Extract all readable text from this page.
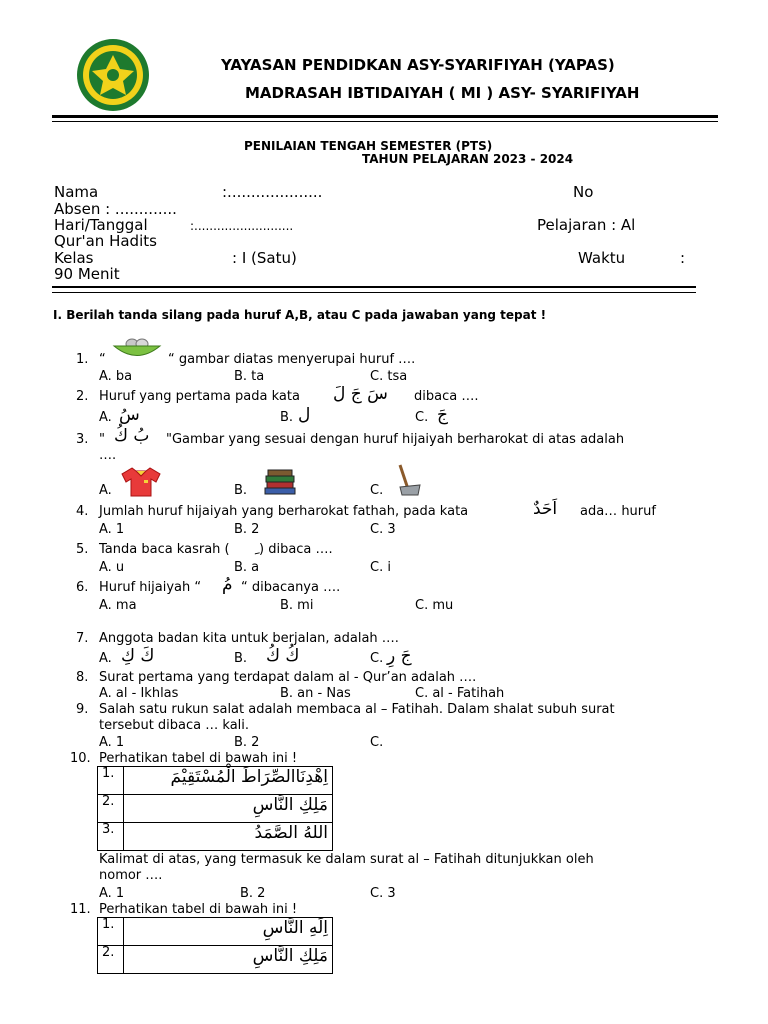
YAYASAN PENDIDKAN ASY-SYARIFIYAH (YAPAS)
MADRASAH IBTIDAIYAH ( MI ) ASY- SYARIFIYAH
PENILAIAN TENGAH SEMESTER (PTS)
TAHUN PELAJARAN 2023 - 2024
Nama	:....................	No
Absen : .............
Hari/Tanggal	:..........................	Pelajaran : Al
Qur'an Hadits
Kelas	: I (Satu)	Waktu	:
90 Menit
I. Berilah tanda silang pada huruf A,B, atau C pada jawaban yang tepat !
1. “	“ gambar diatas menyerupai huruf ….
A. ba	B. ta	C. tsa
2. Huruf yang pertama pada kata سَ جَ لَ dibaca ….
A. سُ	B. ل	C. جَ
3. " بُ كُ "Gambar yang sesuai dengan huruf hijaiyah berharokat di atas adalah
….
A.	B.	C.
4. Jumlah huruf hijaiyah yang berharokat fathah, pada kata	اَحَدٌ ada… huruf
A. 1	B. 2	C. 3
5. Tanda baca kasrah ( ) dibaca ….
A. u	B. a	C. i
6. Huruf hijaiyah “ مُ “ dibacanya ….
A. ma	B. mi	C. mu
7. Anggota badan kita untuk berjalan, adalah ….
A. كَ كِ	B. كُ كُ	C. جَ رِ
8. Surat pertama yang terdapat dalam al - Qur’an adalah ….
A. al - Ikhlas	B. an - Nas	C. al - Fatihah
9. Salah satu rukun salat adalah membaca al – Fatihah. Dalam shalat subuh surat
tersebut dibaca … kali.
A. 1	B. 2	C.
10. Perhatikan tabel di bawah ini !
1.	اِهْدِنَاالصِّرَاطَ الْمُسْتَقِيْمَ
2.	مَلِكِ النَّاسِ
3.	اللهُ الصَّمَدُ
Kalimat di atas, yang termasuk ke dalam surat al – Fatihah ditunjukkan oleh
nomor ….
A. 1	B. 2	C. 3
11. Perhatikan tabel di bawah ini !
1.	اِلَهِ النَّاسِ
2.	مَلِكِ النَّاسِ
